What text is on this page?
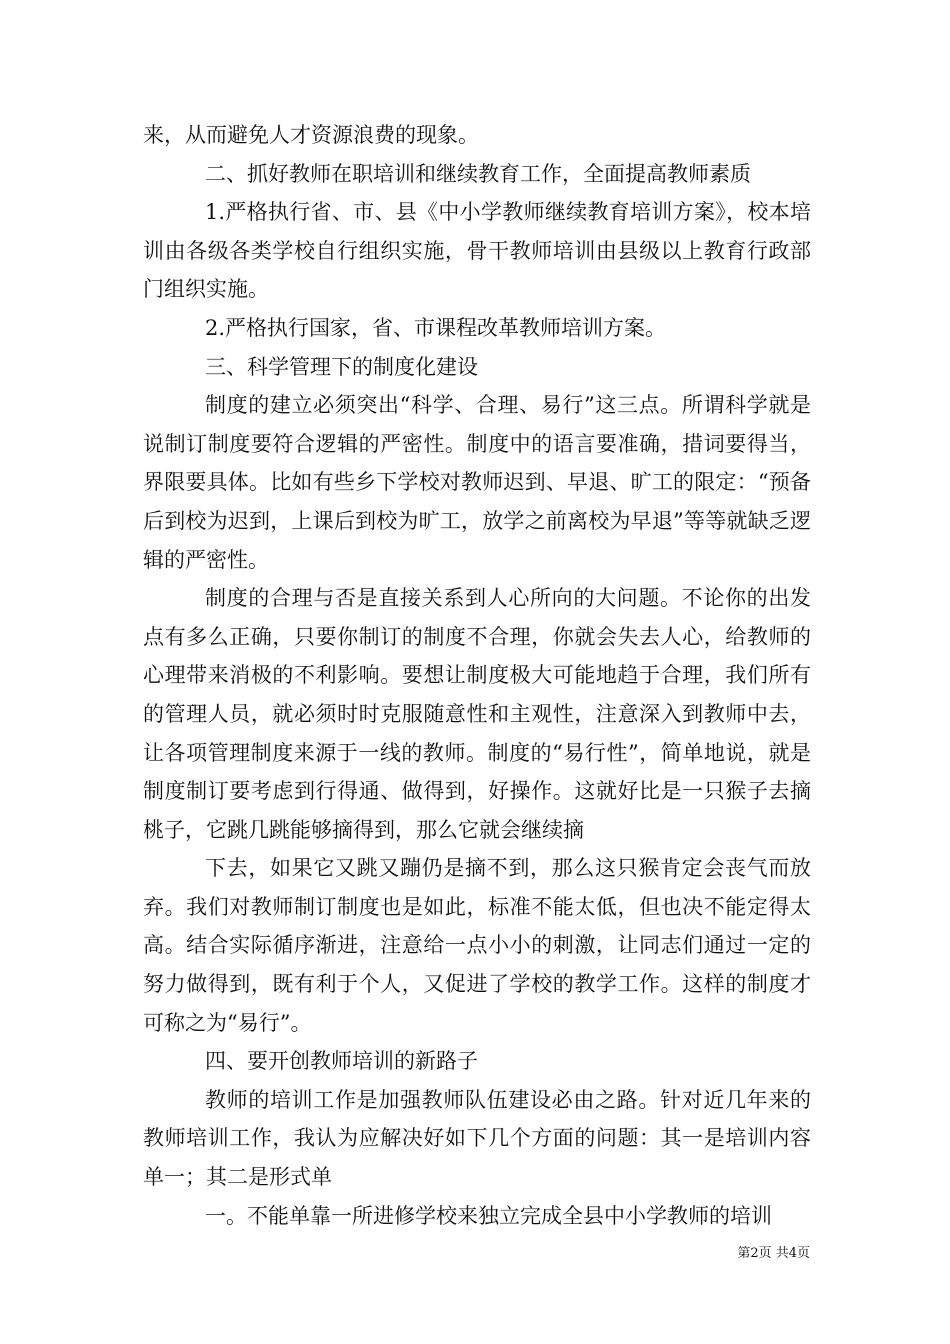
来，从而避免人才资源浪费的现象。

二、抓好教师在职培训和继续教育工作，全面提高教师素质

1.严格执行省、市、县《中小学教师继续教育培训方案》，校本培训由各级各类学校自行组织实施，骨干教师培训由县级以上教育行政部门组织实施。

2.严格执行国家，省、市课程改革教师培训方案。

三、科学管理下的制度化建设

制度的建立必须突出“科学、合理、易行”这三点。所谓科学就是说制订制度要符合逻辑的严密性。制度中的语言要准确，措词要得当，界限要具体。比如有些乡下学校对教师迟到、早退、旷工的限定：“预备后到校为迟到，上课后到校为旷工，放学之前离校为早退”等等就缺乏逻辑的严密性。

制度的合理与否是直接关系到人心所向的大问题。不论你的出发点有多么正确，只要你制订的制度不合理，你就会失去人心，给教师的心理带来消极的不利影响。要想让制度极大可能地趋于合理，我们所有的管理人员，就必须时时克服随意性和主观性，注意深入到教师中去，让各项管理制度来源于一线的教师。制度的“易行性”，简单地说，就是制度制订要考虑到行得通、做得到，好操作。这就好比是一只猴子去摘桃子，它跳几跳能够摘得到，那么它就会继续摘

下去，如果它又跳又蹦仍是摘不到，那么这只猴肯定会丧气而放弃。我们对教师制订制度也是如此，标准不能太低，但也决不能定得太高。结合实际循序渐进，注意给一点小小的刺激，让同志们通过一定的努力做得到，既有利于个人，又促进了学校的教学工作。这样的制度才可称之为“易行”。

四、要开创教师培训的新路子

教师的培训工作是加强教师队伍建设必由之路。针对近几年来的教师培训工作，我认为应解决好如下几个方面的问题：其一是培训内容单一；其二是形式单

一。不能单靠一所进修学校来独立完成全县中小学教师的培训

第2页 共4页
